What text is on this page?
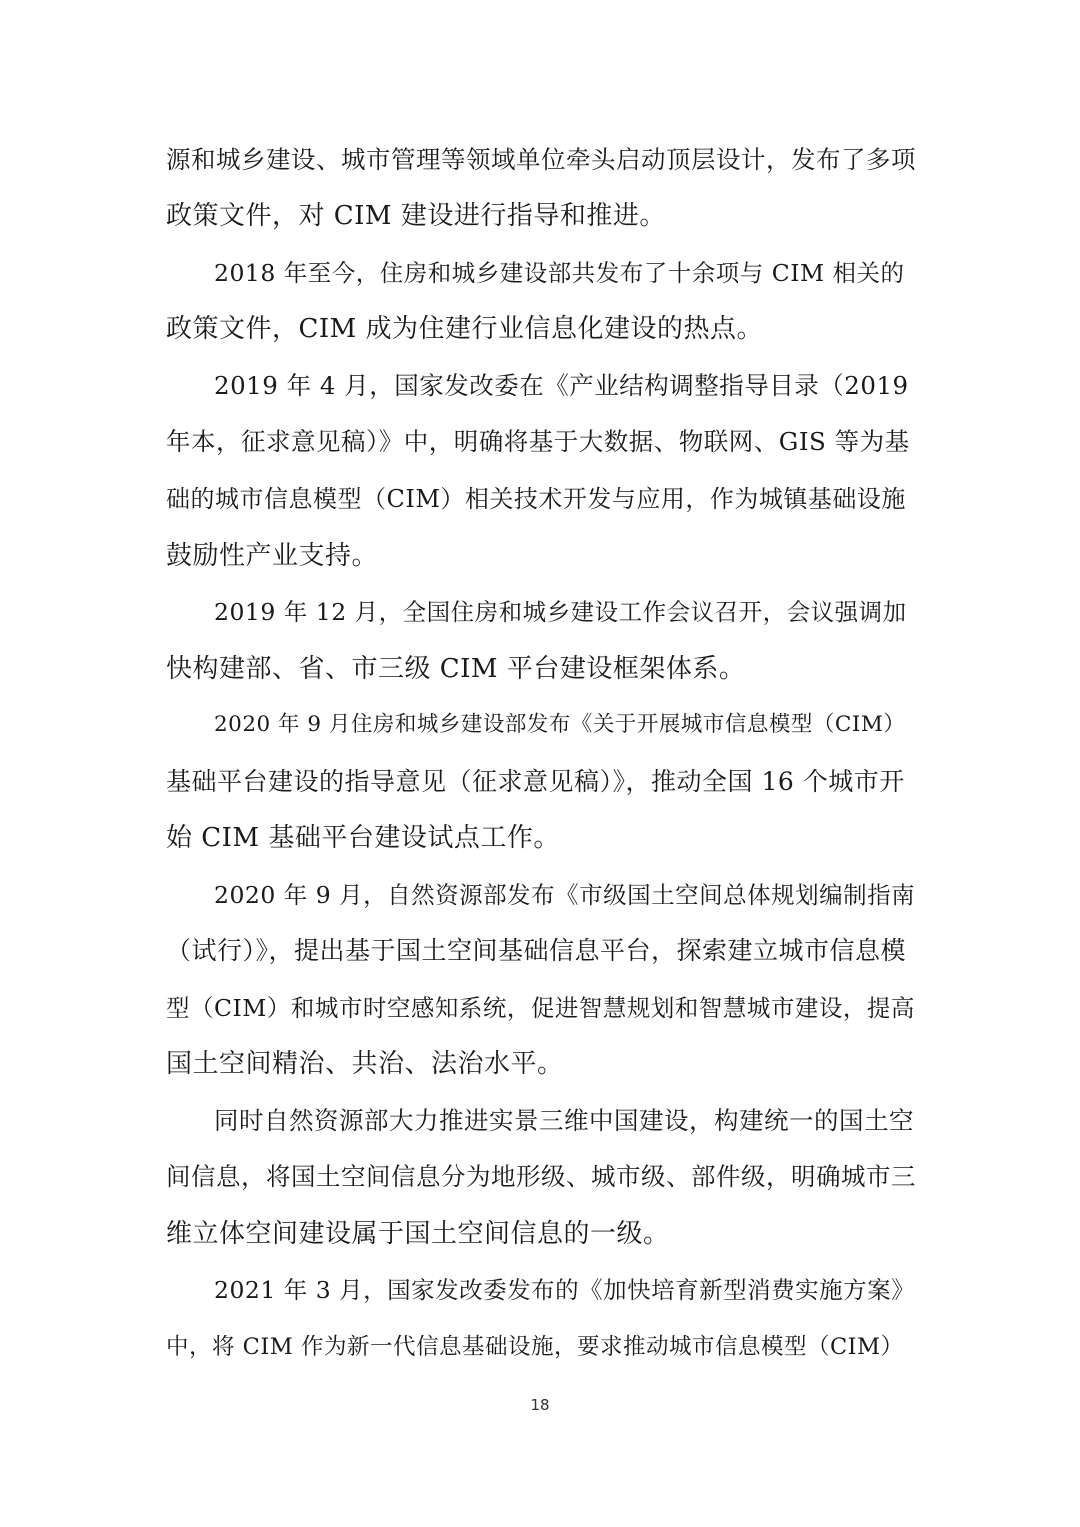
源和城乡建设、城市管理等领域单位牵头启动顶层设计，发布了多项
政策文件，对 CIM 建设进行指导和推进。
2018 年至今，住房和城乡建设部共发布了十余项与 CIM 相关的
政策文件，CIM 成为住建行业信息化建设的热点。
2019 年 4 月，国家发改委在《产业结构调整指导目录（2019
年本，征求意见稿）》中，明确将基于大数据、物联网、GIS 等为基
础的城市信息模型（CIM）相关技术开发与应用，作为城镇基础设施
鼓励性产业支持。
2019 年 12 月，全国住房和城乡建设工作会议召开，会议强调加
快构建部、省、市三级 CIM 平台建设框架体系。
2020 年 9 月住房和城乡建设部发布《关于开展城市信息模型（CIM）
基础平台建设的指导意见（征求意见稿）》，推动全国 16 个城市开
始 CIM 基础平台建设试点工作。
2020 年 9 月，自然资源部发布《市级国土空间总体规划编制指南
（试行）》，提出基于国土空间基础信息平台，探索建立城市信息模
型（CIM）和城市时空感知系统，促进智慧规划和智慧城市建设，提高
国土空间精治、共治、法治水平。
同时自然资源部大力推进实景三维中国建设，构建统一的国土空
间信息，将国土空间信息分为地形级、城市级、部件级，明确城市三
维立体空间建设属于国土空间信息的一级。
2021 年 3 月，国家发改委发布的《加快培育新型消费实施方案》
中，将 CIM 作为新一代信息基础设施，要求推动城市信息模型（CIM）
18
